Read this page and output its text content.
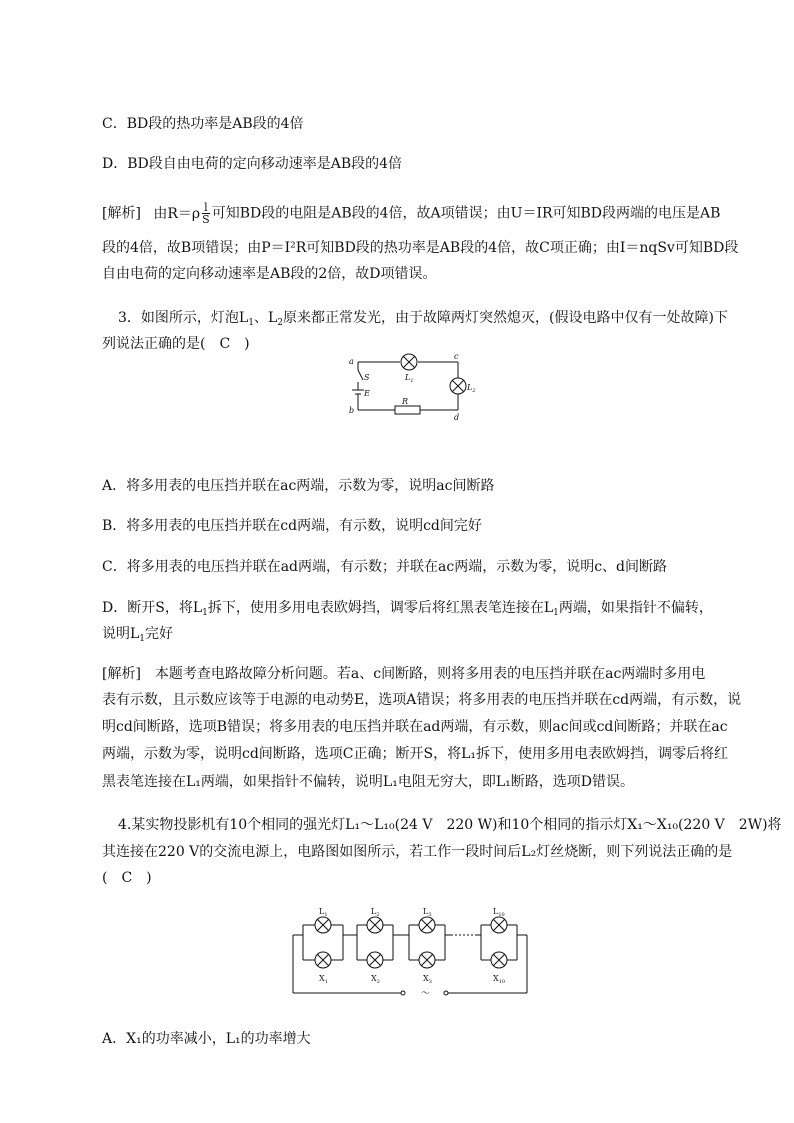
C．BD段的热功率是AB段的4倍
D．BD段自由电荷的定向移动速率是AB段的4倍
[解析] 由$R=\rho \frac{l}{S}$ 可知BD段的电阻是AB段的4倍，故A项错误；由U＝IR可知BD段两端的电压是AB
段的4倍，故B项错误；由P＝I²R可知BD段的热功率是AB段的4倍，故C项正确；由I＝nqSv可知BD段
自由电荷的定向移动速率是AB段的2倍，故D项错误。
3．如图所示，灯泡$L_1$、$L_2$原来都正常发光，由于故障两灯突然熄灭，(假设电路中仅有一处故障)下
列说法正确的是(　C　)
a
b
c
d
S
E
R
$L_1$
$L_2$
A．将多用表的电压挡并联在ac两端，示数为零，说明ac间断路
B．将多用表的电压挡并联在cd两端，有示数，说明cd间完好
C．将多用表的电压挡并联在ad两端，有示数；并联在ac两端，示数为零，说明c、d间断路
D．断开S，将$L_1$拆下，使用多用电表欧姆挡，调零后将红黑表笔连接在$L_1$两端，如果指针不偏转，
说明$L_1$完好
[解析]　本题考查电路故障分析问题。若a、c间断路，则将多用表的电压挡并联在ac两端时多用电
表有示数，且示数应该等于电源的电动势E，选项A错误；将多用表的电压挡并联在cd两端，有示数，说
明cd间断路，选项B错误；将多用表的电压挡并联在ad两端，有示数，则ac间或cd间断路；并联在ac
两端，示数为零，说明cd间断路，选项C正确；断开S，将L₁拆下，使用多用电表欧姆挡，调零后将红
黑表笔连接在L₁两端，如果指针不偏转，说明L₁电阻无穷大，即L₁断路，选项D错误。
4.某实物投影机有10个相同的强光灯L₁～L₁₀(24 V　220 W)和10个相同的指示灯X₁～X₁₀(220 V　2W)将
其连接在220 V的交流电源上，电路图如图所示，若工作一段时间后L₂灯丝烧断，则下列说法正确的是
(　C　)
$L_1$	$L_2$	$L_3$	$L_{10}$
$X_1$	$X_2$	$X_3$	$X_{10}$
～
A．X₁的功率减小，L₁的功率增大
